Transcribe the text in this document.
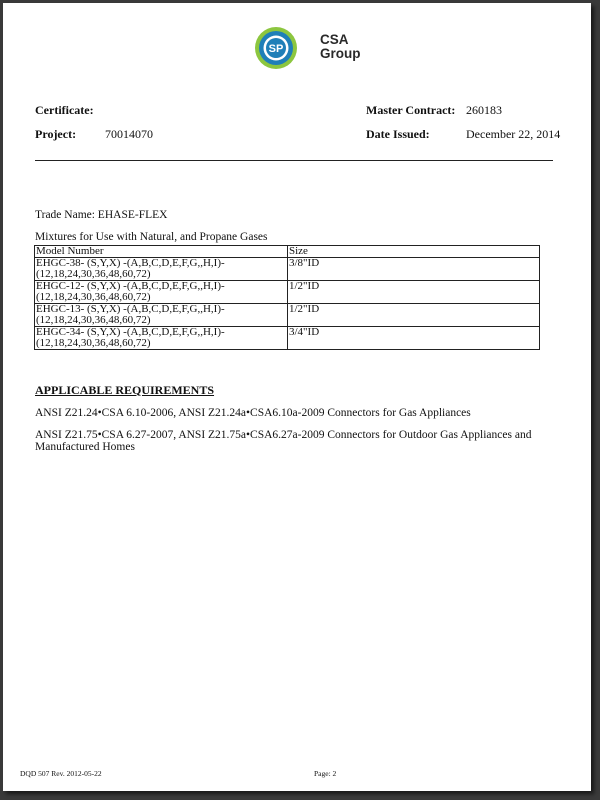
SP
CSA
Group
Certificate:	Master Contract: 260183
Project: 70014070	Date Issued:	December 22, 2014
Trade Name: EHASE-FLEX
Mixtures for Use with Natural, and Propane Gases
Model Number	Size

EHGC-38- (S,Y,X) -(A,B,C,D,E,F,G,,H,I)-
(12,18,24,30,36,48,60,72)	3/8"ID

EHGC-12- (S,Y,X) -(A,B,C,D,E,F,G,,H,I)-
(12,18,24,30,36,48,60,72)	1/2"ID

EHGC-13- (S,Y,X) -(A,B,C,D,E,F,G,,H,I)-
(12,18,24,30,36,48,60,72)	1/2"ID

EHGC-34- (S,Y,X) -(A,B,C,D,E,F,G,,H,I)-
(12,18,24,30,36,48,60,72)	3/4"ID
APPLICABLE REQUIREMENTS
ANSI Z21.24•CSA 6.10-2006, ANSI Z21.24a•CSA6.10a-2009 Connectors for Gas Appliances
ANSI Z21.75•CSA 6.27-2007, ANSI Z21.75a•CSA6.27a-2009 Connectors for Outdoor Gas Appliances and Manufactured Homes
DQD 507 Rev. 2012-05-22	Page: 2
